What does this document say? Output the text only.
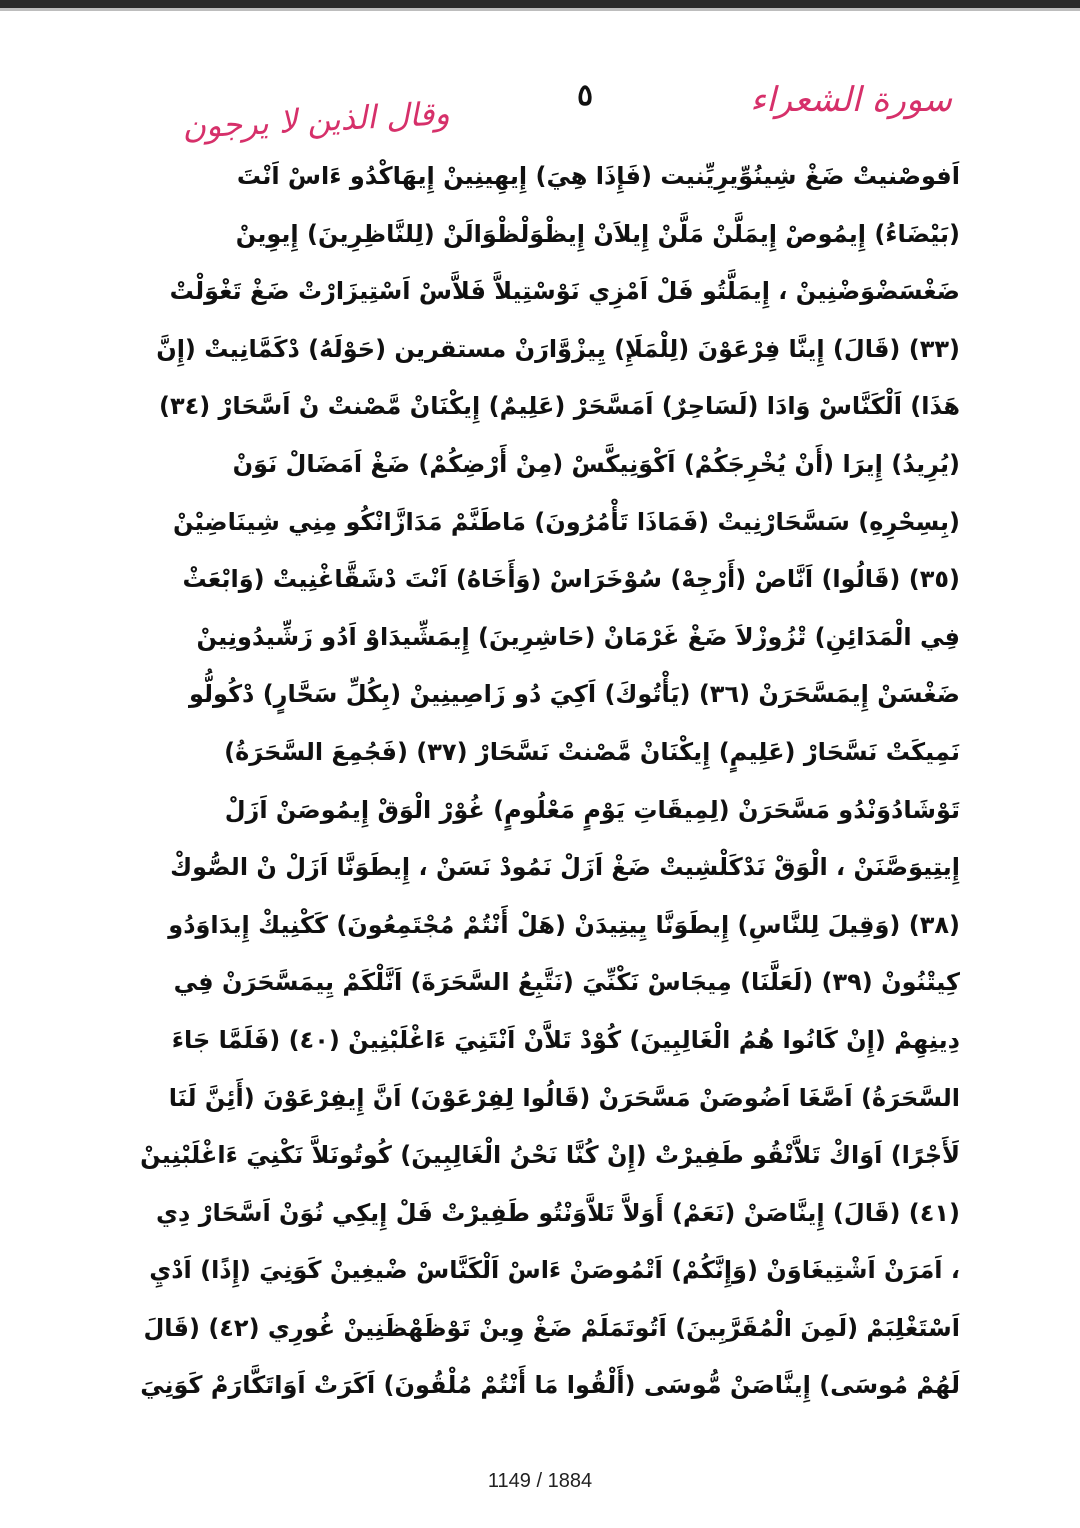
سورة الشعراء
٥
وقال الذين لا يرجون
اَفوصْنيتْ ضَغْ شِينُوِّيرِيِّنيت (فَإِذَا هِيَ) إِيهِينِينْ إِيهَاكْدُو ءَاسْ اَنْتَ
(بَيْضَاءُ) إِيمُوصْ إِيمَلَّنْ مَلَّنْ إِيلاَنْ إِيظْوَلْظْوَالَنْ (لِلنَّاظِرِينَ) إِيوِينْ
ضَغْسَضْوَضْنِينْ ، إِيمَلَّتُو فَلْ اَمْزِي نَوْسْتِيلاَّ فَلاَّسْ اَسْتِيزَارْتْ ضَغْ تَغْوَلْتْ
(٣٣) (قَالَ) إِينَّا فِرْعَوْنَ (لِلْمَلَإِ) يِيزْوَّارَنْ مستقرين (حَوْلَهُ) دْكَمَّانِيتْ (إِنَّ
هَذَا) اَلْكَنَّاسْ وَادَا (لَسَاحِرٌ) اَمَسَّحَرْ (عَلِيمٌ) إِيكْنَانْ مَّصْنتْ نْ اَسَّحَارْ (٣٤)
(يُرِيدُ) إِيرَا (أَنْ يُخْرِجَكُمْ) اَكْوَنِيكَّسْ (مِنْ أَرْضِكُمْ) ضَغْ اَمَضَالْ نَوَنْ
(بِسِحْرِهِ) سَسَّحَارْنِيتْ (فَمَاذَا تَأْمُرُونَ) مَاطَنَّمْ مَدَازَّانْكُو مِنِي شِينَاضِيْنْ
(٣٥) (قَالُوا) اَنَّاصْ (أَرْجِهْ) سُوْخَرَاسْ (وَأَخَاهُ) اَنْتَ دْشَقَّاغْنِيتْ (وَابْعَثْ
فِي الْمَدَائِنِ) تْزُوزْلاَ ضَغْ غَرْمَانْ (حَاشِرِينَ) إِيمَشِّيدَاوْ اَدُو زَشِّيدُونِينْ
ضَغْسَنْ إِيمَسَّحَرَنْ (٣٦) (يَأْتُوكَ) اَكِيَ دُو زَاصِينِينْ (بِكُلِّ سَحَّارٍ) دْكُولُّو
نَمِيكَتْ نَسَّحَارْ (عَلِيمٍ) إِيكْنَانْ مَّصْنتْ نَسَّحَارْ (٣٧) (فَجُمِعَ السَّحَرَةُ)
تَوْشَادُوَنْدُو مَسَّحَرَنْ (لِمِيقَاتِ يَوْمٍ مَعْلُومٍ) غُوْرْ الْوَقْ إِيمُوصَنْ اَزَلْ
إِيتِيوَصَّنَنْ ، الْوَقْ نَدْكَلْشِيتْ ضَغْ اَزَلْ نَمُودْ نَسَنْ ، إِيطَوَنَّا اَزَلْ نْ الصُّوكْ
(٣٨) (وَقِيلَ لِلنَّاسِ) إِيطَوَنَّا يِيتِيدَنْ (هَلْ أَنْتُمْ مُجْتَمِعُونَ) كَكْنِيكْ إِيدَاوَدُو
كِيتْنُونْ (٣٩) (لَعَلَّنَا) مِيجَاسْ نَكْنِّيَ (نَتَّبِعُ السَّحَرَةَ) اَنَّلْكَمْ يِيمَسَّحَرَنْ فِي
دِينِهِمْ (إِنْ كَانُوا هُمُ الْغَالِبِينَ) كُوْدْ تَلاَّنْ اَنْتَنِيَ ءَاغْلَبْنِينْ (٤٠) (فَلَمَّا جَاءَ
السَّحَرَةُ) اَصَّغَا اَضُوصَنْ مَسَّحَرَنْ (قَالُوا لِفِرْعَوْنَ) اَنَّ إِيفِرْعَوْنَ (أَئِنَّ لَنَا
لَأَجْرًا) اَوَاكْ تَلاَّنْقُو طَفِيرْتْ (إِنْ كُنَّا نَحْنُ الْغَالِبِينَ) كُوتُونَلاَّ نَكْنِيَ ءَاغْلَبْنِينْ
(٤١) (قَالَ) إِينَّاصَنْ (نَعَمْ) أَوَلاَّ تَلاَّوَنْتُو طَفِيرْتْ فَلْ إِيكِي نُوَنْ اَسَّحَارْ دِي
، اَمَرَنْ اَشْتِيغَاوَنْ (وَإِنَّكُمْ) اَتْمُوصَنْ ءَاسْ اَلْكَنَّاسْ ضْيغِينْ كَوَنِيَ (إِذًا) اَدْيِ
اَسْتَغْلِبَمْ (لَمِنَ الْمُقَرَّبِينَ) اَتُوتَمَلَمْ ضَغْ وِينْ تَوْظَهْظَنِينْ غُورِي (٤٢) (قَالَ
لَهُمْ مُوسَى) إِينَّاصَنْ مُّوسَى (أَلْقُوا مَا أَنْتُمْ مُلْقُونَ) اَكَرَتْ اَوَاتَكَّارَمْ كَوَنِيَ
1149 / 1884
